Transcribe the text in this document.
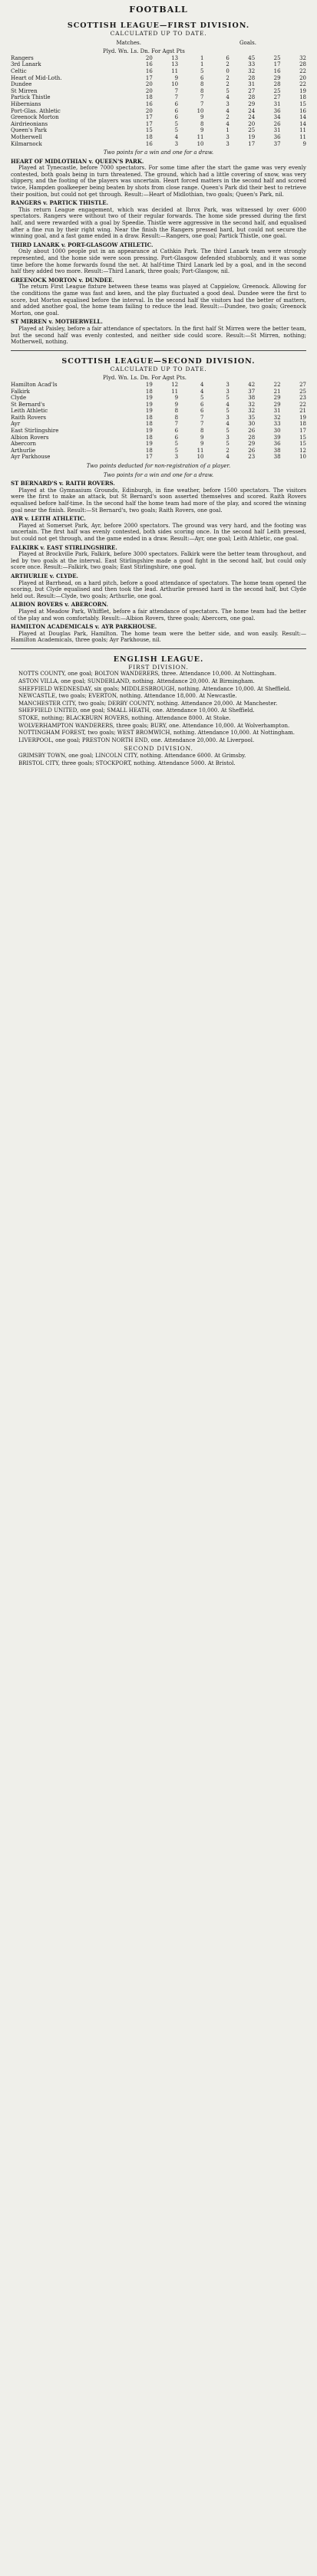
FOOTBALL
SCOTTISH LEAGUE—FIRST DIVISION.
CALCULATED UP TO DATE.
Matches.	Goals.
Plyd. Wn. Ls. Dn. For Agst Pts
Rangers	20	13	1	6	45	25	32
3rd Lanark	16	13	1	2	33	17	28
Celtic	16	11	5	0	32	16	22
Heart of Mid-Loth.	17	9	6	2	28	29	20
Dundee	20	10	8	2	31	28	22
St Mirren	20	7	8	5	27	25	19
Partick Thistle	18	7	7	4	28	27	18
Hibernians	16	6	7	3	29	31	15
Port-Glas. Athletic	20	6	10	4	24	36	16
Greenock Morton	17	6	9	2	24	34	14
Airdrieonians	17	5	8	4	20	26	14
Queen's Park	15	5	9	1	25	31	11
Motherwell	18	4	11	3	19	36	11
Kilmarnock	16	3	10	3	17	37	9
Two points for a win and one for a draw.
HEART OF MIDLOTHIAN v. QUEEN'S PARK.

Played at Tynecastle, before 7000 spectators. For some time after the start the game was very evenly contested, both goals being in turn threatened. The ground, which had a little covering of snow, was very slippery, and the footing of the players was uncertain. Heart forced matters in the second half and scored twice, Hampden goalkeeper being beaten by shots from close range. Queen's Park did their best to retrieve their position, but could not get through. Result:—Heart of Midlothian, two goals; Queen's Park, nil.

RANGERS v. PARTICK THISTLE.

This return League engagement, which was decided at Ibrox Park, was witnessed by over 6000 spectators. Rangers were without two of their regular forwards. The home side pressed during the first half, and were rewarded with a goal by Speedie. Thistle were aggressive in the second half, and equalised after a fine run by their right wing. Near the finish the Rangers pressed hard, but could not secure the winning goal, and a fast game ended in a draw. Result:—Rangers, one goal; Partick Thistle, one goal.

THIRD LANARK v. PORT-GLASGOW ATHLETIC.

Only about 1000 people put in an appearance at Cathkin Park. The third Lanark team were strongly represented, and the home side were soon pressing. Port-Glasgow defended stubbornly, and it was some time before the home forwards found the net. At half-time Third Lanark led by a goal, and in the second half they added two more. Result:—Third Lanark, three goals; Port-Glasgow, nil.

GREENOCK MORTON v. DUNDEE.

The return First League fixture between these teams was played at Cappielow, Greenock. Allowing for the conditions the game was fast and keen, and the play fluctuated a good deal. Dundee were the first to score, but Morton equalised before the interval. In the second half the visitors had the better of matters, and added another goal, the home team failing to reduce the lead. Result:—Dundee, two goals; Greenock Morton, one goal.

ST MIRREN v. MOTHERWELL.

Played at Paisley, before a fair attendance of spectators. In the first half St Mirren were the better team, but the second half was evenly contested, and neither side could score. Result:—St Mirren, nothing; Motherwell, nothing.

SCOTTISH LEAGUE—SECOND DIVISION.
CALCULATED UP TO DATE.
Plyd. Wn. Ls. Dn. For Agst Pts.
Hamilton Acad'ls	19	12	4	3	42	22	27
Falkirk	18	11	4	3	37	21	25
Clyde	19	9	5	5	38	29	23
St Bernard's	19	9	6	4	32	29	22
Leith Athletic	19	8	6	5	32	31	21
Raith Rovers	18	8	7	3	35	32	19
Ayr	18	7	7	4	30	33	18
East Stirlingshire	19	6	8	5	26	30	17
Albion Rovers	18	6	9	3	28	39	15
Abercorn	19	5	9	5	29	36	15
Arthurlie	18	5	11	2	26	38	12
Ayr Parkhouse	17	3	10	4	23	38	10
Two points deducted for non-registration of a player.
Two points for a win and one for a draw.
ST BERNARD'S v. RAITH ROVERS.

Played at the Gymnasium Grounds, Edinburgh, in fine weather, before 1500 spectators. The visitors were the first to make an attack, but St Bernard's soon asserted themselves and scored. Raith Rovers equalised before half-time. In the second half the home team had more of the play, and scored the winning goal near the finish. Result:—St Bernard's, two goals; Raith Rovers, one goal.

AYR v. LEITH ATHLETIC.

Played at Somerset Park, Ayr, before 2000 spectators. The ground was very hard, and the footing was uncertain. The first half was evenly contested, both sides scoring once. In the second half Leith pressed, but could not get through, and the game ended in a draw. Result:—Ayr, one goal; Leith Athletic, one goal.

FALKIRK v. EAST STIRLINGSHIRE.

Played at Brockville Park, Falkirk, before 3000 spectators. Falkirk were the better team throughout, and led by two goals at the interval. East Stirlingshire made a good fight in the second half, but could only score once. Result:—Falkirk, two goals; East Stirlingshire, one goal.

ARTHURLIE v. CLYDE.

Played at Barrhead, on a hard pitch, before a good attendance of spectators. The home team opened the scoring, but Clyde equalised and then took the lead. Arthurlie pressed hard in the second half, but Clyde held out. Result:—Clyde, two goals; Arthurlie, one goal.

ALBION ROVERS v. ABERCORN.

Played at Meadow Park, Whifflet, before a fair attendance of spectators. The home team had the better of the play and won comfortably. Result:—Albion Rovers, three goals; Abercorn, one goal.

HAMILTON ACADEMICALS v. AYR PARKHOUSE.

Played at Douglas Park, Hamilton. The home team were the better side, and won easily. Result:—Hamilton Academicals, three goals; Ayr Parkhouse, nil.

ENGLISH LEAGUE.
FIRST DIVISION.

NOTTS COUNTY, one goal; BOLTON WANDERERS, three. Attendance 10,000. At Nottingham.

ASTON VILLA, one goal; SUNDERLAND, nothing. Attendance 20,000. At Birmingham.

SHEFFIELD WEDNESDAY, six goals; MIDDLESBROUGH, nothing. Attendance 10,000. At Sheffield.

NEWCASTLE, two goals; EVERTON, nothing. Attendance 18,000. At Newcastle.

MANCHESTER CITY, two goals; DERBY COUNTY, nothing. Attendance 20,000. At Manchester.

SHEFFIELD UNITED, one goal; SMALL HEATH, one. Attendance 10,000. At Sheffield.

STOKE, nothing; BLACKBURN ROVERS, nothing. Attendance 8000. At Stoke.

WOLVERHAMPTON WANDERERS, three goals; BURY, one. Attendance 10,000. At Wolverhampton.

NOTTINGHAM FOREST, two goals; WEST BROMWICH, nothing. Attendance 10,000. At Nottingham.

LIVERPOOL, one goal; PRESTON NORTH END, one. Attendance 20,000. At Liverpool.

SECOND DIVISION.

GRIMSBY TOWN, one goal; LINCOLN CITY, nothing. Attendance 6000. At Grimsby.

BRISTOL CITY, three goals; STOCKPORT, nothing. Attendance 5000. At Bristol.
